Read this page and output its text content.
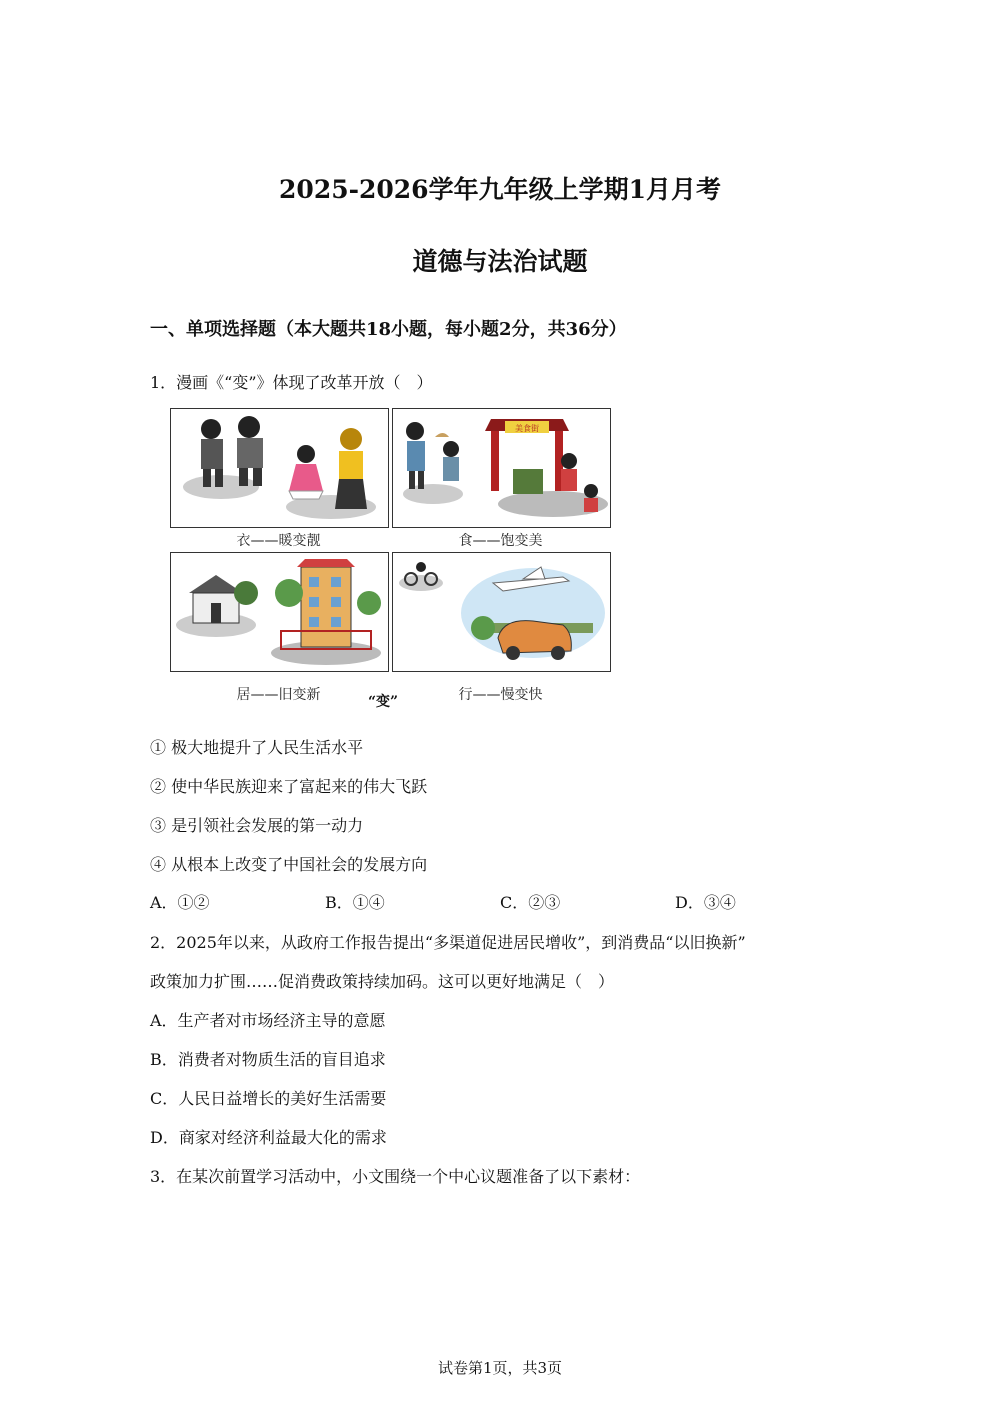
2025-2026学年九年级上学期1月月考
道德与法治试题
一、单项选择题（本大题共18小题，每小题2分，共36分）
1．漫画《“变”》体现了改革开放（　）
美食街
衣——暖变靓	食——饱变美
居——旧变新	行——慢变快
“变”
① 极大地提升了人民生活水平
② 使中华民族迎来了富起来的伟大飞跃
③ 是引领社会发展的第一动力
④ 从根本上改变了中国社会的发展方向
A．①②	B．①④	C．②③	D．③④
2．2025年以来，从政府工作报告提出“多渠道促进居民增收”，到消费品“以旧换新”
政策加力扩围……促消费政策持续加码。这可以更好地满足（　）
A．生产者对市场经济主导的意愿
B．消费者对物质生活的盲目追求
C．人民日益增长的美好生活需要
D．商家对经济利益最大化的需求
3．在某次前置学习活动中，小文围绕一个中心议题准备了以下素材：
试卷第1页，共3页
